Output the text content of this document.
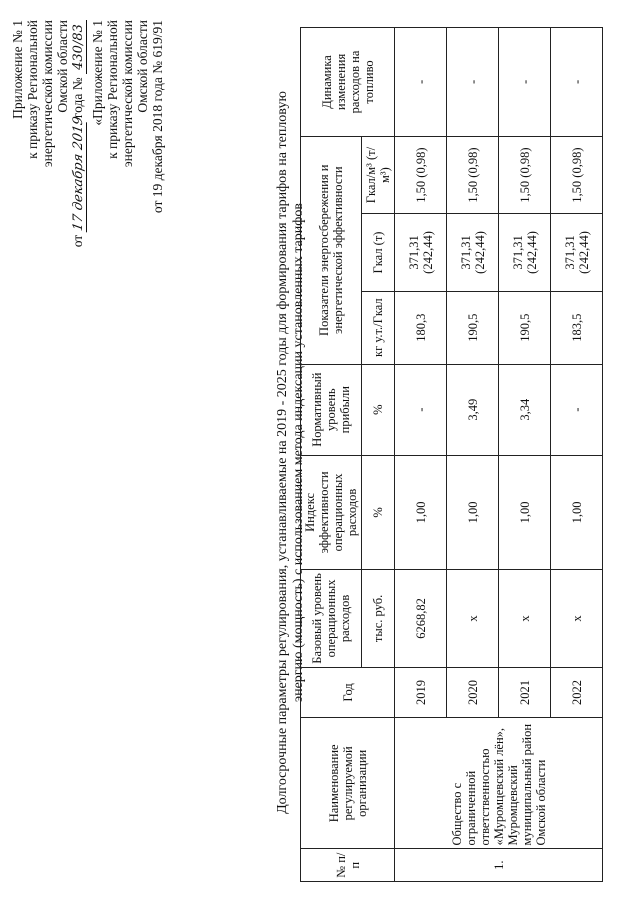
Приложение № 1 к приказу Региональной энергетической комиссии Омской области
от 17 декабря 2019 года № 430/83 «Приложение № 1 к приказу Региональной энергетической комиссии Омской области от 19 декабря 2018 года № 619/91	Долгосрочные параметры регулирования, устанавливаемые на 2019 - 2025 годы для формирования тарифов на тепловую энергию (мощность) с использованием метода индексации установленных тарифов
№ п/п	Наименование регулируемой организации	Год	Базовый уровень операционных расходов	Индекс эффективности операционных расходов	Нормативный уровень прибыли	Показатели энергосбережения и энергетической эффективности			Динамика изменения расходов на топливо
			тыс. руб.	%	%	кг у.т./Гкал	Гкал (т)	Гкал/м³ (т/м³)	
1.	Общество с ограниченной ответственностью «Муромцевский лён», Муромцевский муниципальный район Омской области	2019	6268,82	1,00	-	180,3	371,31 (242,44)	1,50 (0,98)	-
		2020	x	1,00	3,49	190,5	371,31 (242,44)	1,50 (0,98)	-
		2021	x	1,00	3,34	190,5	371,31 (242,44)	1,50 (0,98)	-
		2022	x	1,00	-	183,5	371,31 (242,44)	1,50 (0,98)	-
